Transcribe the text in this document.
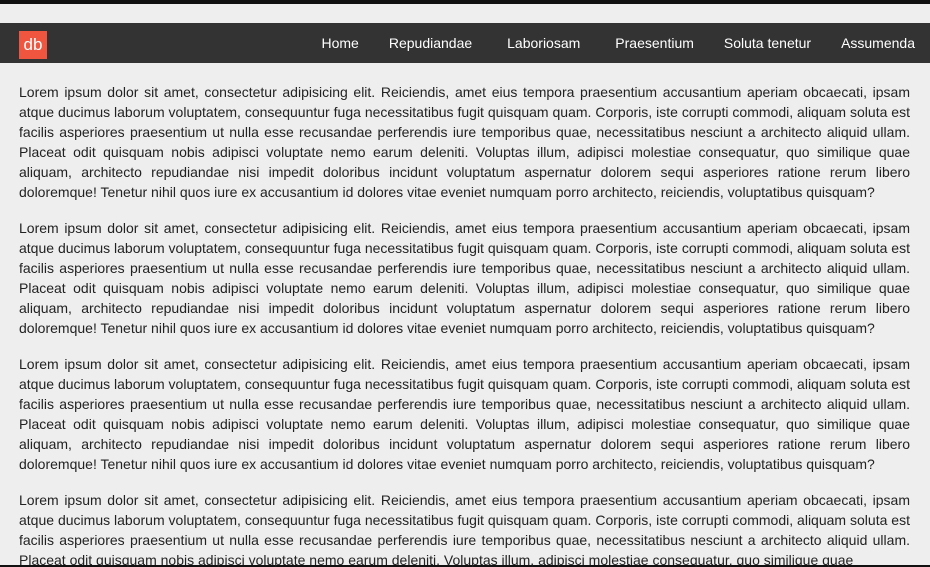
db	Home Repudiandae	Laboriosam	Praesentium Soluta tenetur Assumenda

Lorem ipsum dolor sit amet, consectetur adipisicing elit. Reiciendis, amet eius tempora praesentium accusantium aperiam obcaecati, ipsam atque ducimus laborum voluptatem, consequuntur fuga necessitatibus fugit quisquam quam. Corporis, iste corrupti commodi, aliquam soluta est facilis asperiores praesentium ut nulla esse recusandae perferendis iure temporibus quae, necessitatibus nesciunt a architecto aliquid ullam. Placeat odit quisquam nobis adipisci voluptate nemo earum deleniti. Voluptas illum, adipisci molestiae consequatur, quo similique quae aliquam, architecto repudiandae nisi impedit doloribus incidunt voluptatum aspernatur dolorem sequi asperiores ratione rerum libero doloremque! Tenetur nihil quos iure ex accusantium id dolores vitae eveniet numquam porro architecto, reiciendis, voluptatibus quisquam?

Lorem ipsum dolor sit amet, consectetur adipisicing elit. Reiciendis, amet eius tempora praesentium accusantium aperiam obcaecati, ipsam atque ducimus laborum voluptatem, consequuntur fuga necessitatibus fugit quisquam quam. Corporis, iste corrupti commodi, aliquam soluta est facilis asperiores praesentium ut nulla esse recusandae perferendis iure temporibus quae, necessitatibus nesciunt a architecto aliquid ullam. Placeat odit quisquam nobis adipisci voluptate nemo earum deleniti. Voluptas illum, adipisci molestiae consequatur, quo similique quae aliquam, architecto repudiandae nisi impedit doloribus incidunt voluptatum aspernatur dolorem sequi asperiores ratione rerum libero doloremque! Tenetur nihil quos iure ex accusantium id dolores vitae eveniet numquam porro architecto, reiciendis, voluptatibus quisquam?

Lorem ipsum dolor sit amet, consectetur adipisicing elit. Reiciendis, amet eius tempora praesentium accusantium aperiam obcaecati, ipsam atque ducimus laborum voluptatem, consequuntur fuga necessitatibus fugit quisquam quam. Corporis, iste corrupti commodi, aliquam soluta est facilis asperiores praesentium ut nulla esse recusandae perferendis iure temporibus quae, necessitatibus nesciunt a architecto aliquid ullam. Placeat odit quisquam nobis adipisci voluptate nemo earum deleniti. Voluptas illum, adipisci molestiae consequatur, quo similique quae aliquam, architecto repudiandae nisi impedit doloribus incidunt voluptatum aspernatur dolorem sequi asperiores ratione rerum libero doloremque! Tenetur nihil quos iure ex accusantium id dolores vitae eveniet numquam porro architecto, reiciendis, voluptatibus quisquam?

Lorem ipsum dolor sit amet, consectetur adipisicing elit. Reiciendis, amet eius tempora praesentium accusantium aperiam obcaecati, ipsam atque ducimus laborum voluptatem, consequuntur fuga necessitatibus fugit quisquam quam. Corporis, iste corrupti commodi, aliquam soluta est facilis asperiores praesentium ut nulla esse recusandae perferendis iure temporibus quae, necessitatibus nesciunt a architecto aliquid ullam. Placeat odit quisquam nobis adipisci voluptate nemo earum deleniti. Voluptas illum, adipisci molestiae consequatur, quo similique quae
